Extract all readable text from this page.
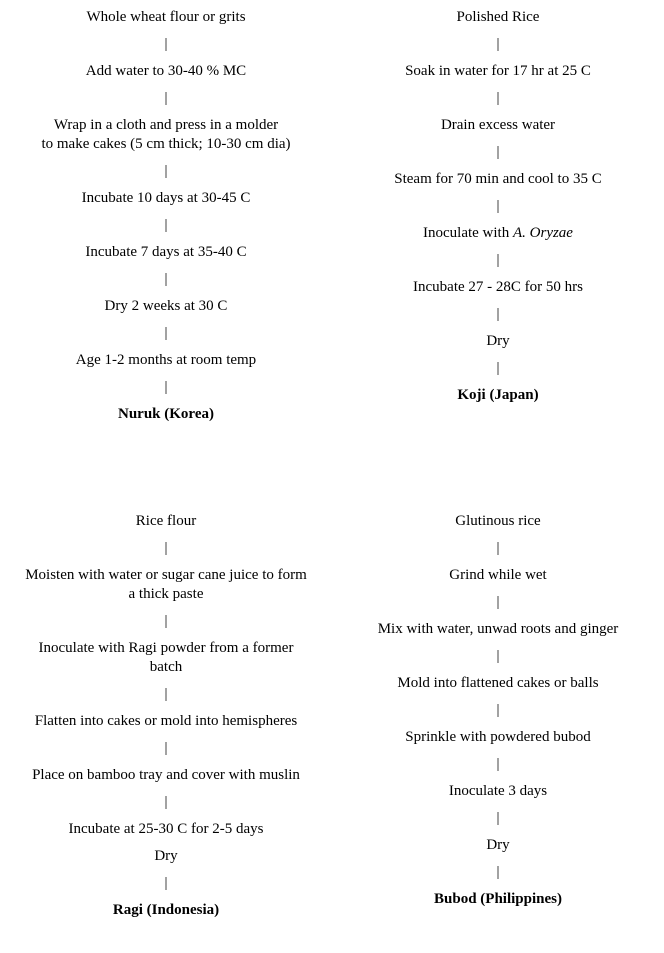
Whole wheat flour or grits
|
Add water to 30-40 % MC
|
Wrap in a cloth and press in a molder
to make cakes (5 cm thick; 10-30 cm dia)
|
Incubate 10 days at 30-45 C
|
Incubate 7 days at 35-40 C
|
Dry 2 weeks at 30 C
|
Age 1-2 months at room temp
|
Nuruk (Korea)
Polished Rice
|
Soak in water for 17 hr at 25 C
|
Drain excess water
|
Steam for 70 min and cool to 35 C
|
Inoculate with A. Oryzae
|
Incubate 27 - 28C for 50 hrs
|
Dry
|
Koji (Japan)
Rice flour
|
Moisten with water or sugar cane juice to form
a thick paste
|
Inoculate with Ragi powder from a former
batch
|
Flatten into cakes or mold into hemispheres
|
Place on bamboo tray and cover with muslin
|
Incubate at 25-30 C for 2-5 days
Dry
|
Ragi (Indonesia)
Glutinous rice
|
Grind while wet
|
Mix with water, unwad roots and ginger
|
Mold into flattened cakes or balls
|
Sprinkle with powdered bubod
|
Inoculate 3 days
|
Dry
|
Bubod (Philippines)
